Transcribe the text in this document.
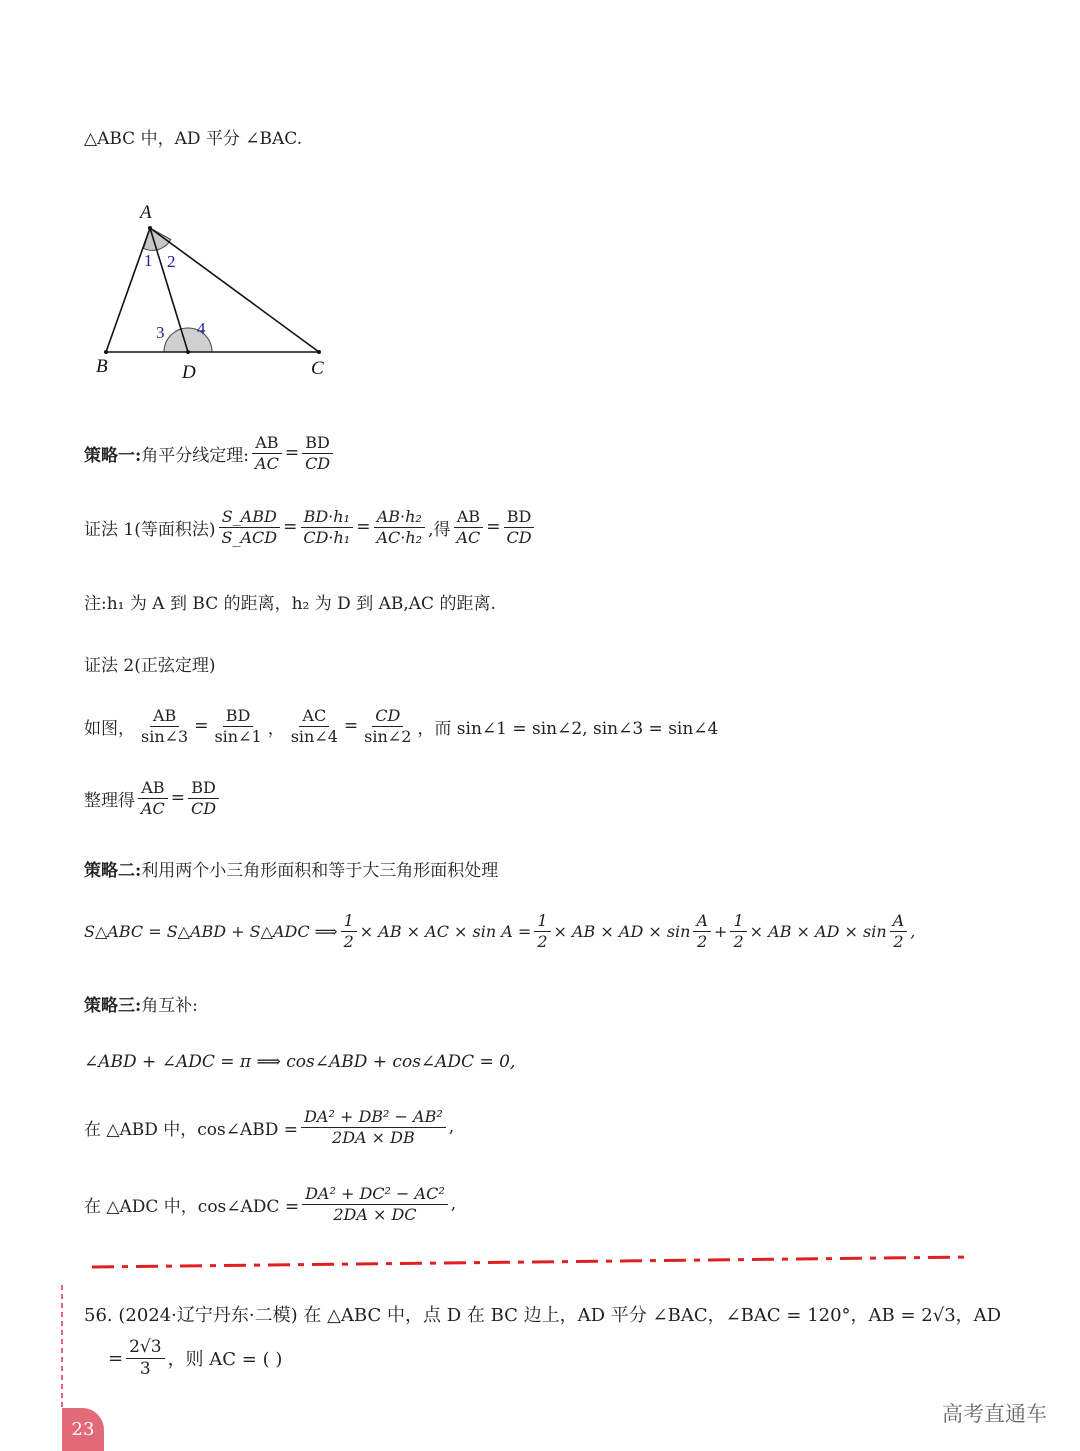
△ABC 中，AD 平分 ∠BAC.
A
B	C
D
1 2
3 4
策略一: 角平分线定理: $\frac{AB}{AC} = \frac{BD}{CD}$
证法 1(等面积法) $\frac{\text{S\_ABD}}{\text{S\_ACD}} = \frac{\text{BD·h₁}}{\text{CD·h₁}} = \frac{\text{AB·h₂}}{\text{AC·h₂}}$ ,得 $\frac{AB}{AC} = \frac{BD}{CD}$
注:h₁ 为 A 到 BC 的距离，h₂ 为 D 到 AB,AC 的距离.
证法 2(正弦定理)
如图， $\frac{AB}{\sin\angle 3} = \frac{BD}{\sin\angle 1}$ ， $\frac{AC}{\sin\angle 4} = \frac{CD}{\sin\angle 2}$ ，而 sin∠1 = sin∠2, sin∠3 = sin∠4
整理得 $\frac{AB}{AC} = \frac{BD}{CD}$
策略二: 利用两个小三角形面积和等于大三角形面积处理
S△ABC = S△ABD + S△ADC ⟹ $\frac{1}{2}$ × AB × AC × $\sin A = \frac{1}{2}$ × AB × AD × $\sin \frac{A}{2} + \frac{1}{2}$ × AB × AD × $\sin \frac{A}{2}$ ,
策略三: 角互补:
∠ABD + ∠ADC = π ⟹ cos∠ABD + cos∠ADC = 0,
在 △ABD 中，cos∠ABD = $\frac{\text{DA² + DB² − AB²}}{2DA \times DB}$ ,
在 △ADC 中，cos∠ADC = $\frac{\text{DA² + DC² − AC²}}{2DA \times DC}$ ,
56. (2024·辽宁丹东·二模) 在 △ABC 中，点 D 在 BC 边上，AD 平分 ∠BAC，∠BAC = 120°，AB = 2√3，AD
= $\frac{2√3}{3}$ ，则 AC = ( )
23
高考直通车
